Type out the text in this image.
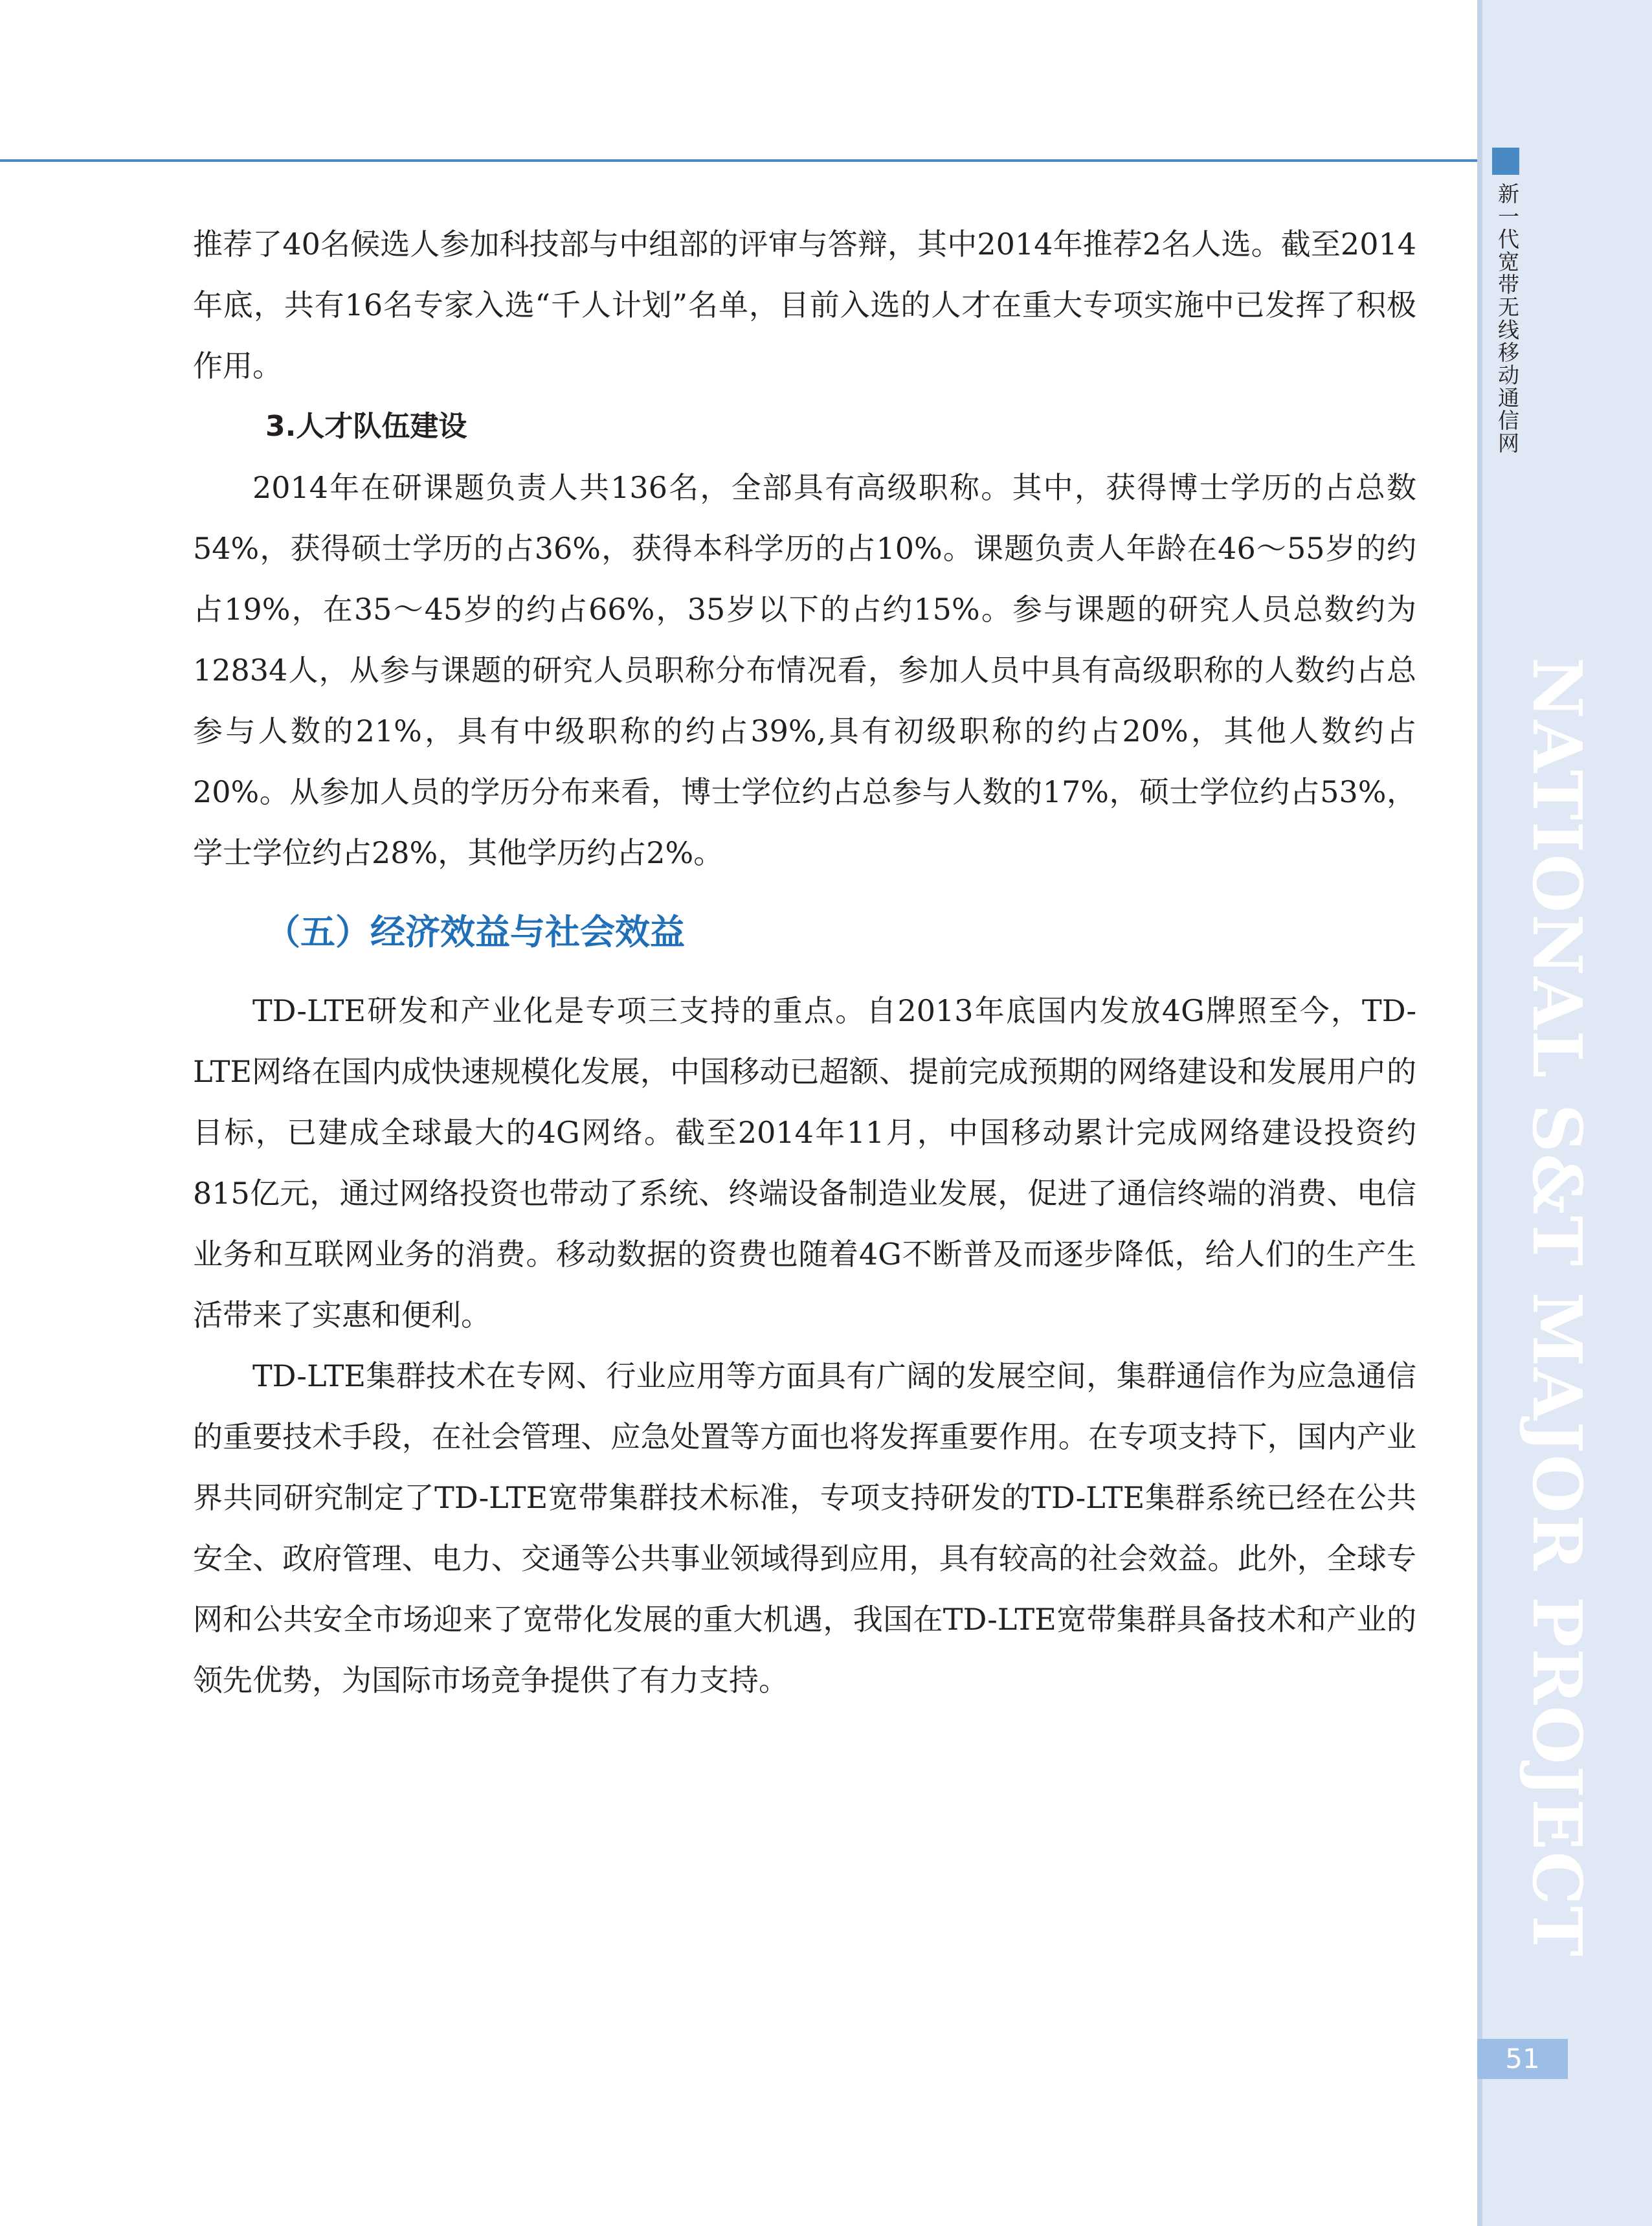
新一代宽带无线移动通信网
NATIONAL S&T MAJOR PROJECT
51

推荐了40名候选人参加科技部与中组部的评审与答辩，其中2014年推荐2名人选。截至2014年底，共有16名专家入选“千人计划”名单，目前入选的人才在重大专项实施中已发挥了积极作用。

3.人才队伍建设

2014年在研课题负责人共136名，全部具有高级职称。其中，获得博士学历的占总数54%，获得硕士学历的占36%，获得本科学历的占10%。课题负责人年龄在46～55岁的约占19%，在35～45岁的约占66%，35岁以下的占约15%。参与课题的研究人员总数约为12834人，从参与课题的研究人员职称分布情况看，参加人员中具有高级职称的人数约占总参与人数的21%，具有中级职称的约占39%,具有初级职称的约占20%，其他人数约占20%。从参加人员的学历分布来看，博士学位约占总参与人数的17%，硕士学位约占53%，学士学位约占28%，其他学历约占2%。

（五）经济效益与社会效益

TD-LTE研发和产业化是专项三支持的重点。自2013年底国内发放4G牌照至今，TD-LTE网络在国内成快速规模化发展，中国移动已超额、提前完成预期的网络建设和发展用户的目标，已建成全球最大的4G网络。截至2014年11月，中国移动累计完成网络建设投资约815亿元，通过网络投资也带动了系统、终端设备制造业发展，促进了通信终端的消费、电信业务和互联网业务的消费。移动数据的资费也随着4G不断普及而逐步降低，给人们的生产生活带来了实惠和便利。

TD-LTE集群技术在专网、行业应用等方面具有广阔的发展空间，集群通信作为应急通信的重要技术手段，在社会管理、应急处置等方面也将发挥重要作用。在专项支持下，国内产业界共同研究制定了TD-LTE宽带集群技术标准，专项支持研发的TD-LTE集群系统已经在公共安全、政府管理、电力、交通等公共事业领域得到应用，具有较高的社会效益。此外，全球专网和公共安全市场迎来了宽带化发展的重大机遇，我国在TD-LTE宽带集群具备技术和产业的领先优势，为国际市场竞争提供了有力支持。
